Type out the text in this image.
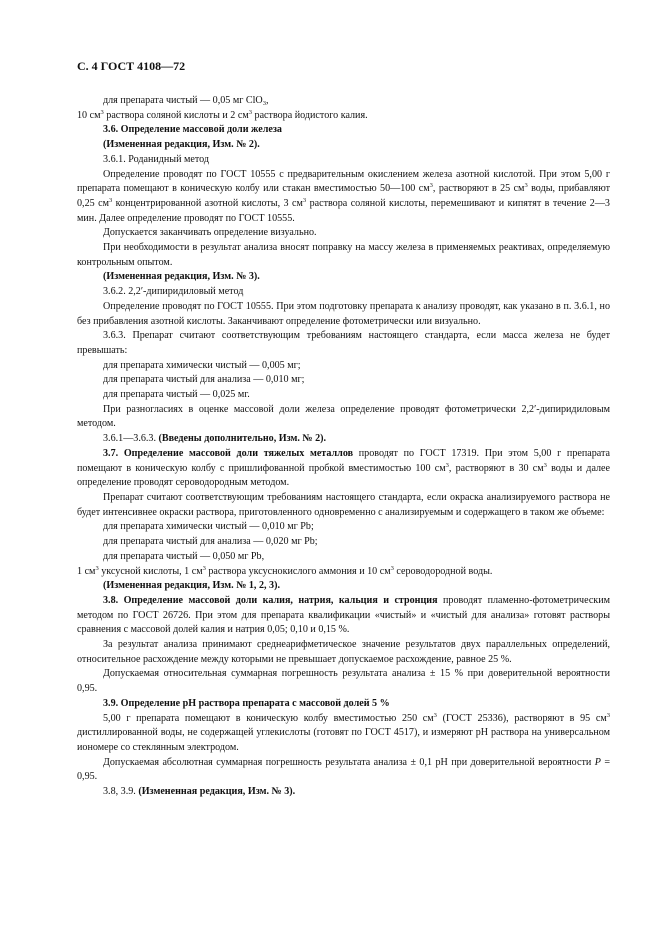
С. 4 ГОСТ 4108—72

для препарата чистый — 0,05 мг ClO$_3$,

10 $см^3$ раствора соляной кислоты и 2 $см^3$ раствора йодистого калия.

3.6. Определение массовой доли железа

(Измененная редакция, Изм. № 2).

3.6.1. Роданидный метод

Определение проводят по ГОСТ 10555 с предварительным окислением железа азотной кислотой. При этом 5,00 г препарата помещают в коническую колбу или стакан вместимостью 50—100 $см^3$, растворяют в 25 $см^3$ воды, прибавляют 0,25 $см^3$ концентрированной азотной кислоты, 3 $см^3$ раствора соляной кислоты, перемешивают и кипятят в течение 2—3 мин. Далее определение проводят по ГОСТ 10555.

Допускается заканчивать определение визуально.

При необходимости в результат анализа вносят поправку на массу железа в применяемых реактивах, определяемую контрольным опытом.

(Измененная редакция, Изм. № 3).

3.6.2. 2,2′-дипиридиловый метод

Определение проводят по ГОСТ 10555. При этом подготовку препарата к анализу проводят, как указано в п. 3.6.1, но без прибавления азотной кислоты. Заканчивают определение фотометрически или визуально.

3.6.3. Препарат считают соответствующим требованиям настоящего стандарта, если масса железа не будет превышать:

для препарата химически чистый — 0,005 мг;

для препарата чистый для анализа — 0,010 мг;

для препарата чистый — 0,025 мг.

При разногласиях в оценке массовой доли железа определение проводят фотометрически 2,2′-дипиридиловым методом.

3.6.1—3.6.3. (Введены дополнительно, Изм. № 2).

3.7. Определение массовой доли тяжелых металлов проводят по ГОСТ 17319. При этом 5,00 г препарата помещают в коническую колбу с пришлифованной пробкой вместимостью 100 $см^3$, растворяют в 30 $см^3$ воды и далее определение проводят сероводородным методом.

Препарат считают соответствующим требованиям настоящего стандарта, если окраска анализируемого раствора не будет интенсивнее окраски раствора, приготовленного одновременно с анализируемым и содержащего в таком же объеме:

для препарата химически чистый — 0,010 мг Pb;

для препарата чистый для анализа — 0,020 мг Pb;

для препарата чистый — 0,050 мг Pb,

1 $см^3$ уксусной кислоты, 1 $см^3$ раствора уксуснокислого аммония и 10 $см^3$ сероводородной воды.

(Измененная редакция, Изм. № 1, 2, 3).

3.8. Определение массовой доли калия, натрия, кальция и стронция проводят пламенно-фотометрическим методом по ГОСТ 26726. При этом для препарата квалификации «чистый» и «чистый для анализа» готовят растворы сравнения с массовой долей калия и натрия 0,05; 0,10 и 0,15 %.

За результат анализа принимают среднеарифметическое значение результатов двух параллельных определений, относительное расхождение между которыми не превышает допускаемое расхождение, равное 25 %.

Допускаемая относительная суммарная погрешность результата анализа ± 15 % при доверительной вероятности 0,95.

3.9. Определение pH раствора препарата с массовой долей 5 %

5,00 г препарата помещают в коническую колбу вместимостью 250 $см^3$ (ГОСТ 25336), растворяют в 95 $см^3$ дистиллированной воды, не содержащей углекислоты (готовят по ГОСТ 4517), и измеряют pH раствора на универсальном иономере со стеклянным электродом.

Допускаемая абсолютная суммарная погрешность результата анализа ± 0,1 pH при доверительной вероятности P = 0,95.

3.8, 3.9. (Измененная редакция, Изм. № 3).
